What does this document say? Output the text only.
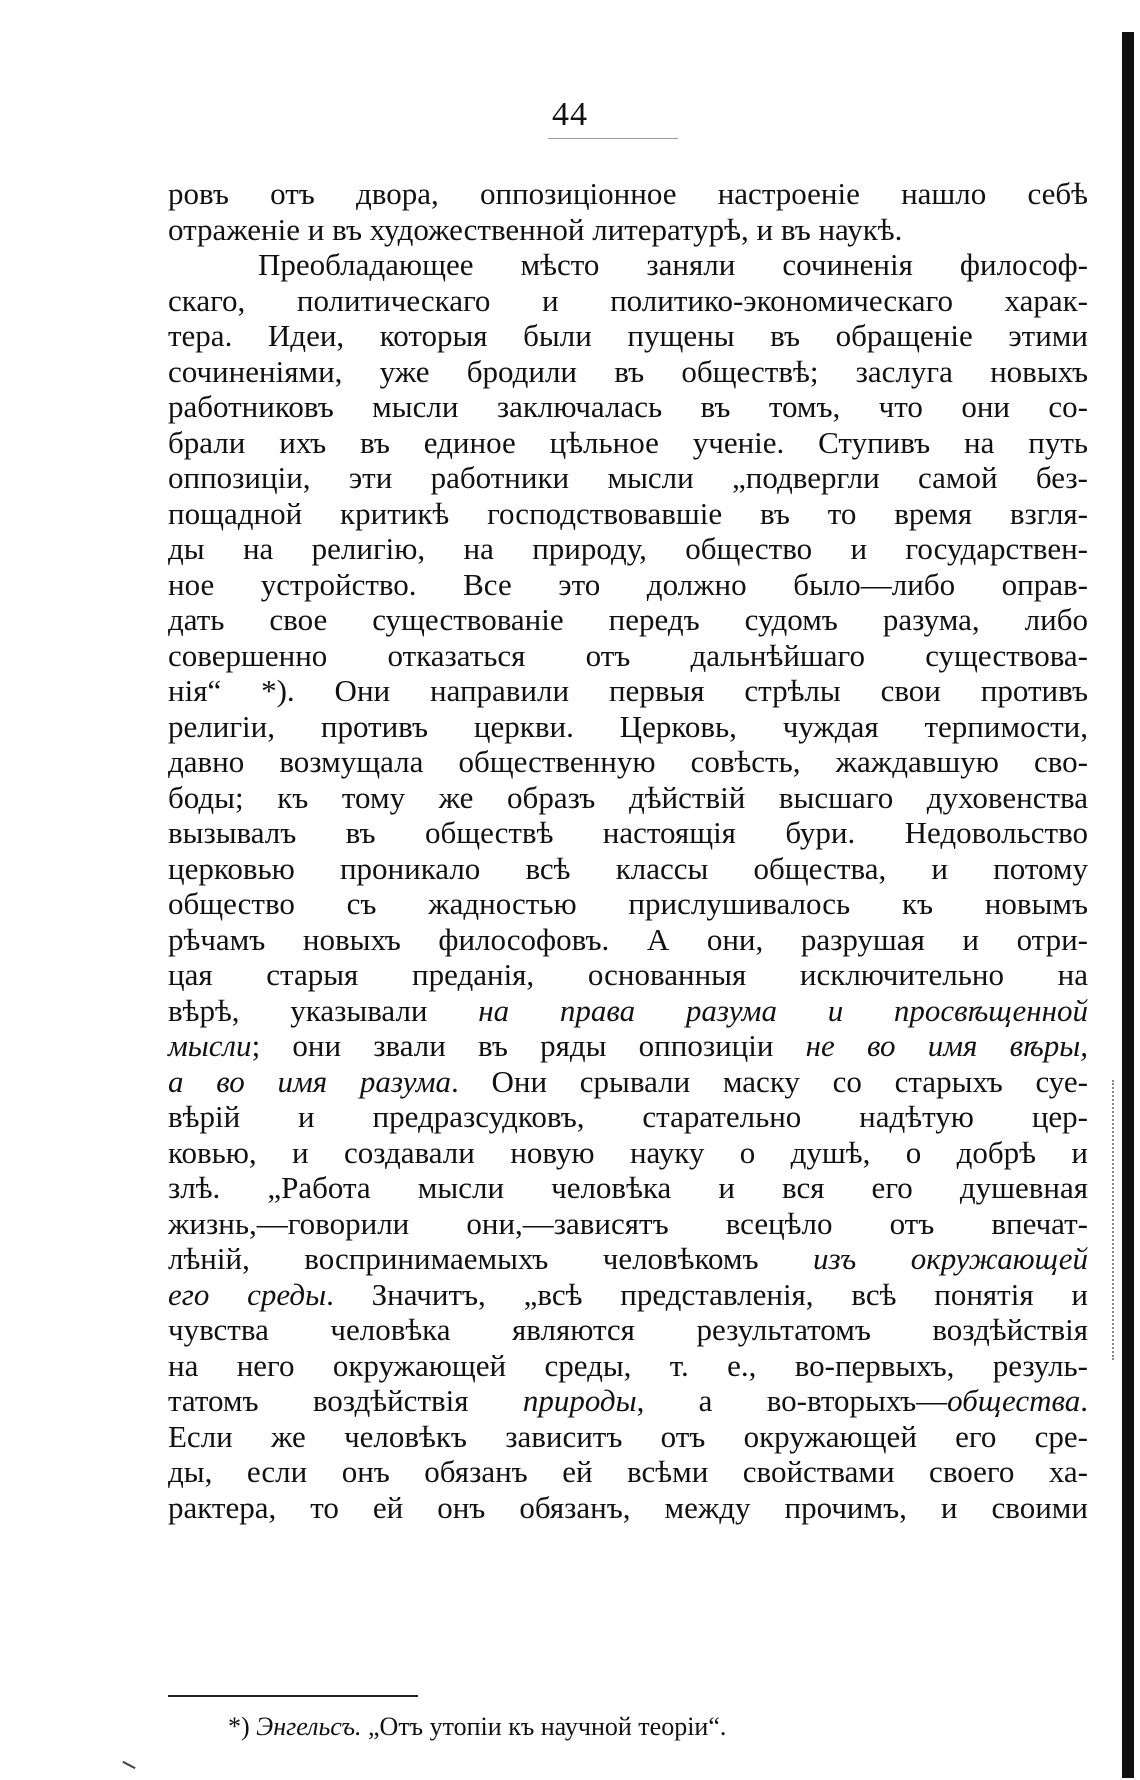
44
ровъ отъ двора, оппозиціонное настроеніе нашло себѣ
отраженіе и въ художественной литературѣ, и въ наукѣ.
Преобладающее мѣсто заняли сочиненія философ-
скаго, политическаго и политико-экономическаго харак-
тера. Идеи, которыя были пущены въ обращеніе этими
сочиненіями, уже бродили въ обществѣ; заслуга новыхъ
работниковъ мысли заключалась въ томъ, что они со-
брали ихъ въ единое цѣльное ученіе. Ступивъ на путь
оппозиціи, эти работники мысли „подвергли самой без-
пощадной критикѣ господствовавшіе въ то время взгля-
ды на религію, на природу, общество и государствен-
ное устройство. Все это должно было—либо оправ-
дать свое существованіе передъ судомъ разума, либо
совершенно отказаться отъ дальнѣйшаго существова-
нія“ *). Они направили первыя стрѣлы свои противъ
религіи, противъ церкви. Церковь, чуждая терпимости,
давно возмущала общественную совѣсть, жаждавшую сво-
боды; къ тому же образъ дѣйствій высшаго духовенства
вызывалъ въ обществѣ настоящія бури. Недовольство
церковью проникало всѣ классы общества, и потому
общество съ жадностью прислушивалось къ новымъ
рѣчамъ новыхъ философовъ. А они, разрушая и отри-
цая старыя преданія, основанныя исключительно на
вѣрѣ, указывали на права разума и просвѣщенной
мысли; они звали въ ряды оппозиціи не во имя вѣры,
а во имя разума. Они срывали маску со старыхъ суе-
вѣрій и предразсудковъ, старательно надѣтую цер-
ковью, и создавали новую науку о душѣ, о добрѣ и
злѣ. „Работа мысли человѣка и вся его душевная
жизнь,—говорили они,—зависятъ всецѣло отъ впечат-
лѣній, воспринимаемыхъ человѣкомъ изъ окружающей
его среды. Значитъ, „всѣ представленія, всѣ понятія и
чувства человѣка являются результатомъ воздѣйствія
на него окружающей среды, т. е., во-первыхъ, резуль-
татомъ воздѣйствія природы, а во-вторыхъ—общества.
Если же человѣкъ зависитъ отъ окружающей его сре-
ды, если онъ обязанъ ей всѣми свойствами своего ха-
рактера, то ей онъ обязанъ, между прочимъ, и своими
*) Энгельсъ. „Отъ утопіи къ научной теоріи“.
